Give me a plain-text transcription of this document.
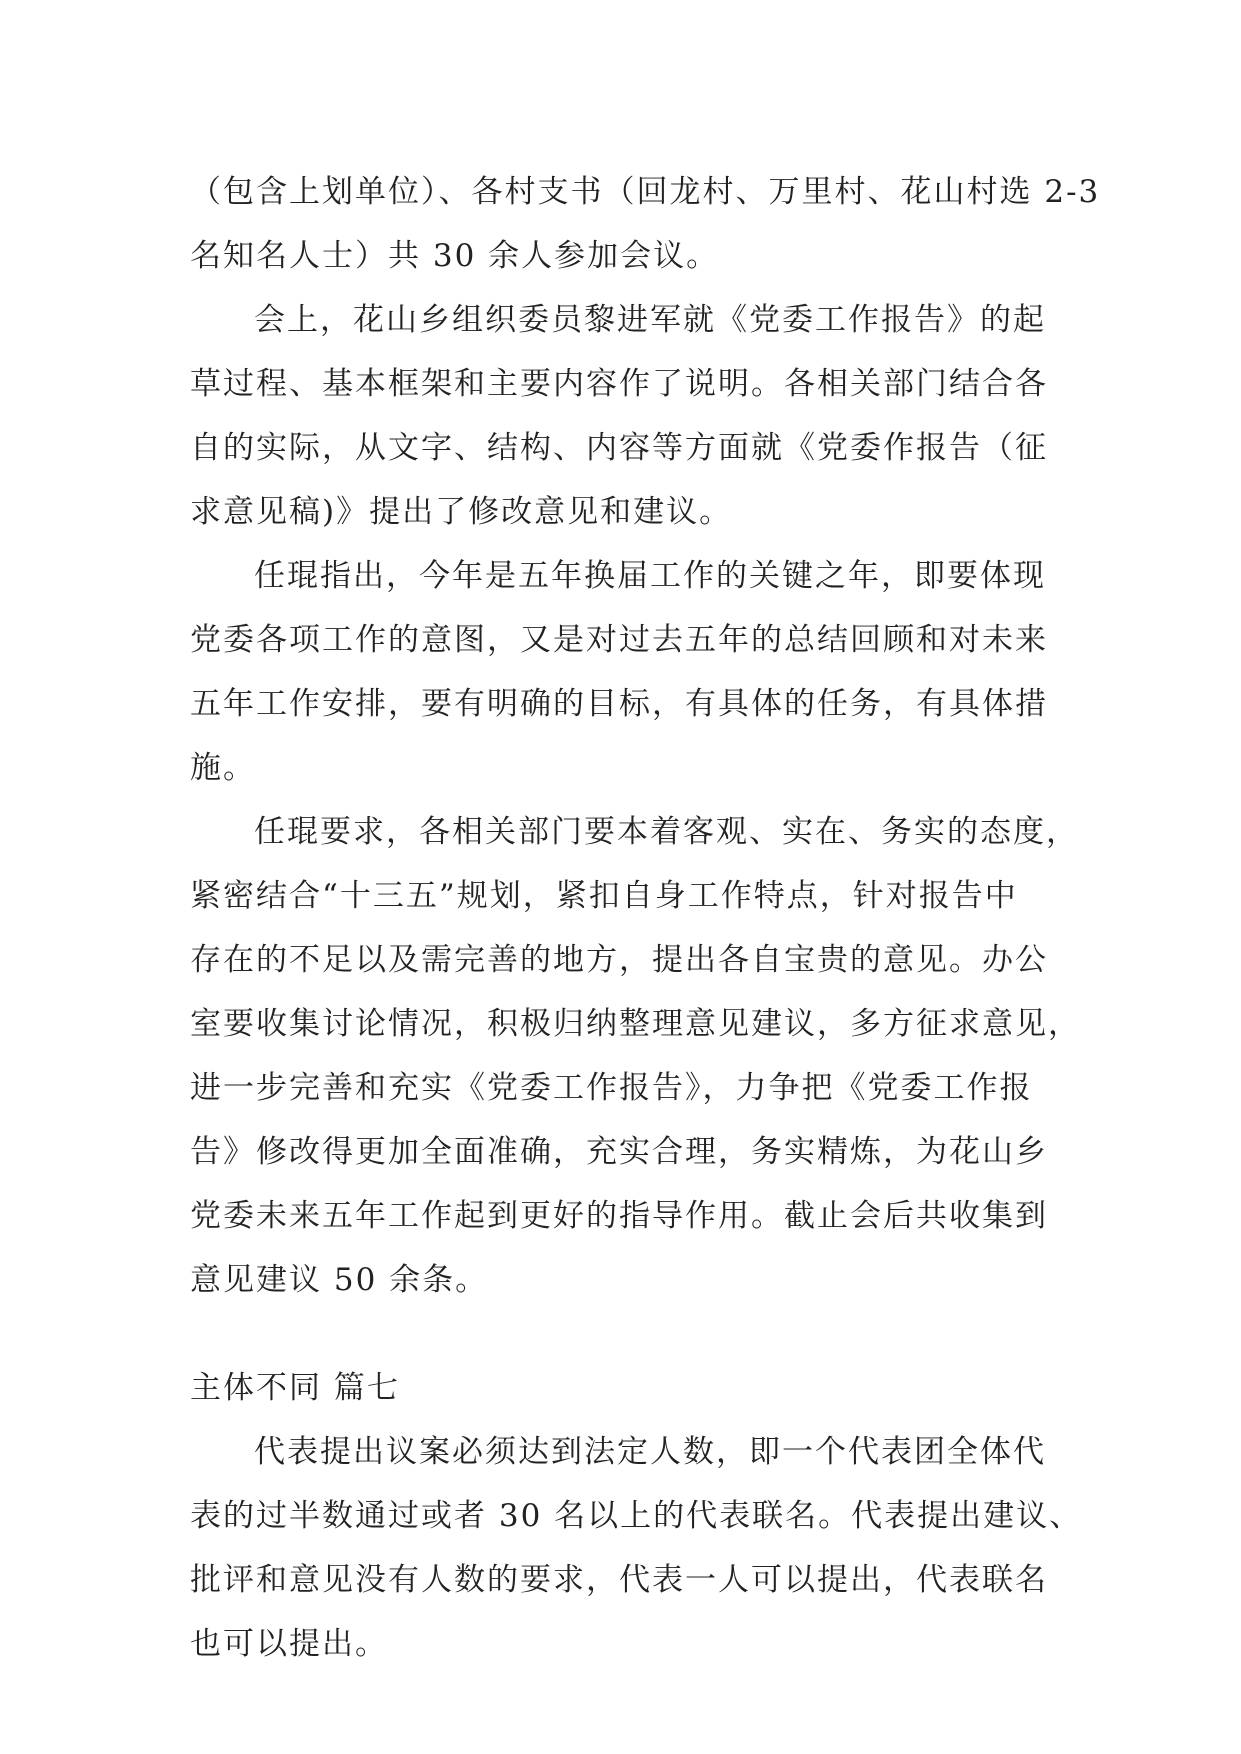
（包含上划单位）、各村支书（回龙村、万里村、花山村选 2-3
名知名人士）共 30 余人参加会议。
会上，花山乡组织委员黎进军就《党委工作报告》的起
草过程、基本框架和主要内容作了说明。各相关部门结合各
自的实际，从文字、结构、内容等方面就《党委作报告（征
求意见稿)》提出了修改意见和建议。
任琨指出，今年是五年换届工作的关键之年，即要体现
党委各项工作的意图，又是对过去五年的总结回顾和对未来
五年工作安排，要有明确的目标，有具体的任务，有具体措
施。
任琨要求，各相关部门要本着客观、实在、务实的态度，
紧密结合“十三五”规划，紧扣自身工作特点，针对报告中
存在的不足以及需完善的地方，提出各自宝贵的意见。办公
室要收集讨论情况，积极归纳整理意见建议，多方征求意见，
进一步完善和充实《党委工作报告》，力争把《党委工作报
告》修改得更加全面准确，充实合理，务实精炼，为花山乡
党委未来五年工作起到更好的指导作用。截止会后共收集到
意见建议 50 余条。
主体不同 篇七
代表提出议案必须达到法定人数，即一个代表团全体代
表的过半数通过或者 30 名以上的代表联名。代表提出建议、
批评和意见没有人数的要求，代表一人可以提出，代表联名
也可以提出。
